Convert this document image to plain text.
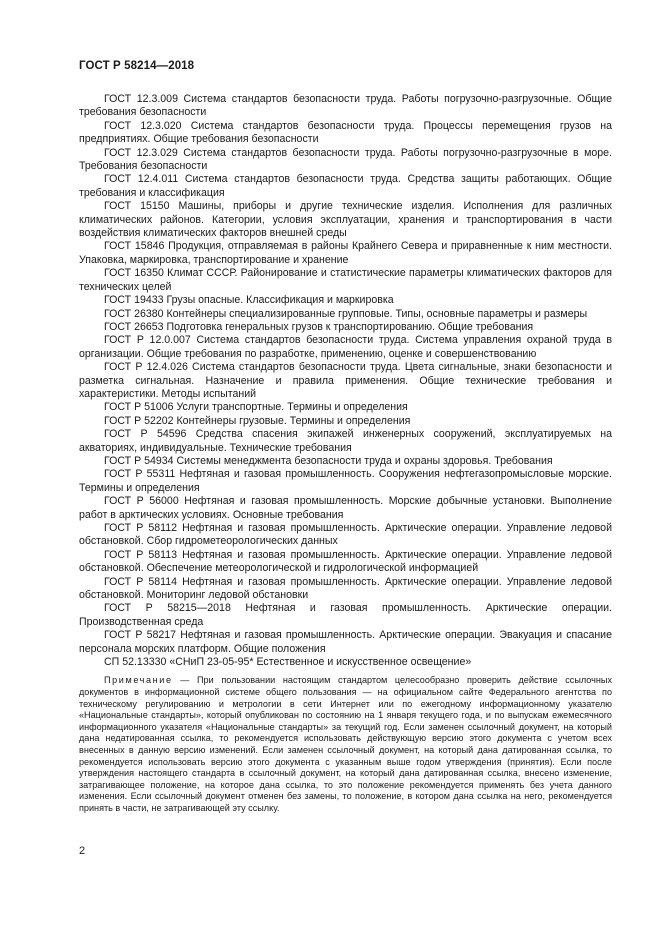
ГОСТ Р 58214—2018

ГОСТ 12.3.009 Система стандартов безопасности труда. Работы погрузочно-разгрузочные. Общие требования безопасности

ГОСТ 12.3.020 Система стандартов безопасности труда. Процессы перемещения грузов на предприятиях. Общие требования безопасности

ГОСТ 12.3.029 Система стандартов безопасности труда. Работы погрузочно-разгрузочные в море. Требования безопасности

ГОСТ 12.4.011 Система стандартов безопасности труда. Средства защиты работающих. Общие требования и классификация

ГОСТ 15150 Машины, приборы и другие технические изделия. Исполнения для различных климатических районов. Категории, условия эксплуатации, хранения и транспортирования в части воздействия климатических факторов внешней среды

ГОСТ 15846 Продукция, отправляемая в районы Крайнего Севера и приравненные к ним местности. Упаковка, маркировка, транспортирование и хранение

ГОСТ 16350 Климат СССР. Районирование и статистические параметры климатических факторов для технических целей

ГОСТ 19433 Грузы опасные. Классификация и маркировка

ГОСТ 26380 Контейнеры специализированные групповые. Типы, основные параметры и размеры

ГОСТ 26653 Подготовка генеральных грузов к транспортированию. Общие требования

ГОСТ Р 12.0.007 Система стандартов безопасности труда. Система управления охраной труда в организации. Общие требования по разработке, применению, оценке и совершенствованию

ГОСТ Р 12.4.026 Система стандартов безопасности труда. Цвета сигнальные, знаки безопасности и разметка сигнальная. Назначение и правила применения. Общие технические требования и характеристики. Методы испытаний

ГОСТ Р 51006 Услуги транспортные. Термины и определения

ГОСТ Р 52202 Контейнеры грузовые. Термины и определения

ГОСТ Р 54596 Средства спасения экипажей инженерных сооружений, эксплуатируемых на акваториях, индивидуальные. Технические требования

ГОСТ Р 54934 Системы менеджмента безопасности труда и охраны здоровья. Требования

ГОСТ Р 55311 Нефтяная и газовая промышленность. Сооружения нефтегазопромысловые морские. Термины и определения

ГОСТ Р 56000 Нефтяная и газовая промышленность. Морские добычные установки. Выполнение работ в арктических условиях. Основные требования

ГОСТ Р 58112 Нефтяная и газовая промышленность. Арктические операции. Управление ледовой обстановкой. Сбор гидрометеорологических данных

ГОСТ Р 58113 Нефтяная и газовая промышленность. Арктические операции. Управление ледовой обстановкой. Обеспечение метеорологической и гидрологической информацией

ГОСТ Р 58114 Нефтяная и газовая промышленность. Арктические операции. Управление ледовой обстановкой. Мониторинг ледовой обстановки

ГОСТ Р 58215—2018 Нефтяная и газовая промышленность. Арктические операции. Производственная среда

ГОСТ Р 58217 Нефтяная и газовая промышленность. Арктические операции. Эвакуация и спасание персонала морских платформ. Общие положения

СП 52.13330 «СНиП 23-05-95* Естественное и искусственное освещение»

Примечание — При пользовании настоящим стандартом целесообразно проверить действие ссылочных документов в информационной системе общего пользования — на официальном сайте Федерального агентства по техническому регулированию и метрологии в сети Интернет или по ежегодному информационному указателю «Национальные стандарты», который опубликован по состоянию на 1 января текущего года, и по выпускам ежемесячного информационного указателя «Национальные стандарты» за текущий год. Если заменен ссылочный документ, на который дана недатированная ссылка, то рекомендуется использовать действующую версию этого документа с учетом всех внесенных в данную версию изменений. Если заменен ссылочный документ, на который дана датированная ссылка, то рекомендуется использовать версию этого документа с указанным выше годом утверждения (принятия). Если после утверждения настоящего стандарта в ссылочный документ, на который дана датированная ссылка, внесено изменение, затрагивающее положение, на которое дана ссылка, то это положение рекомендуется применять без учета данного изменения. Если ссылочный документ отменен без замены, то положение, в котором дана ссылка на него, рекомендуется принять в части, не затрагивающей эту ссылку.
2
